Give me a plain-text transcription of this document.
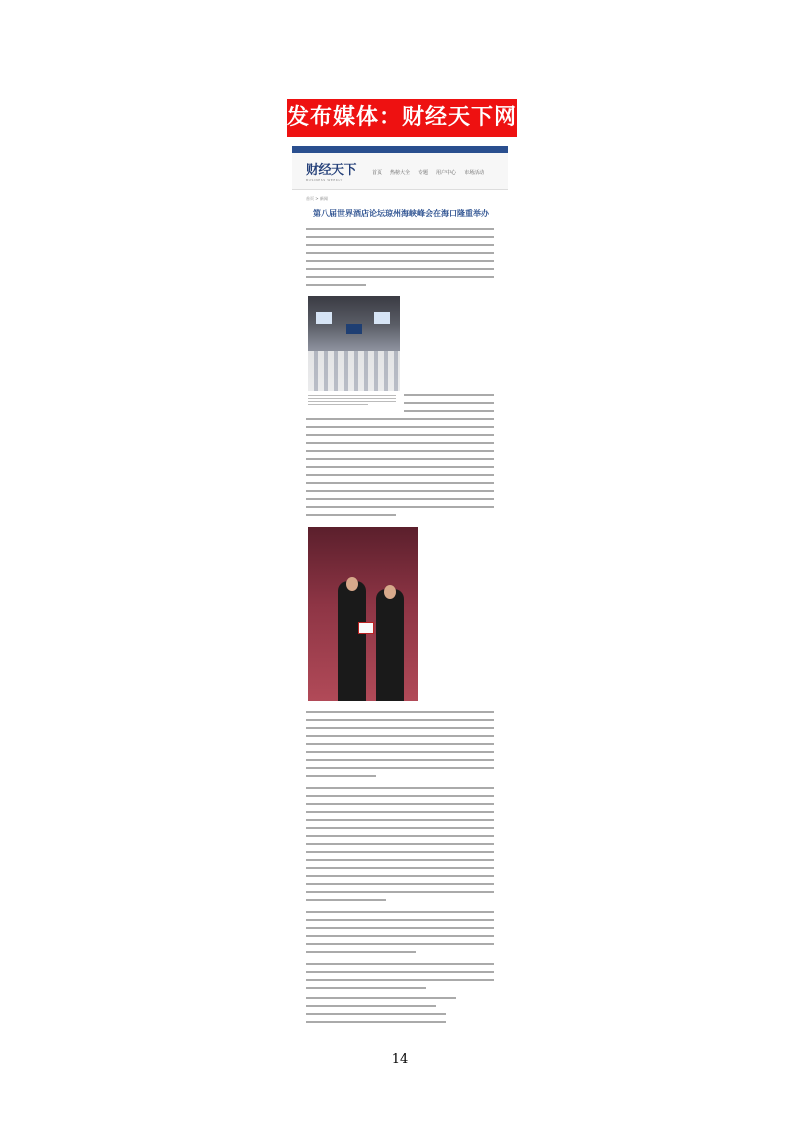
发布媒体：财经天下网
财经天下
BUSINESS WEEKLY
首页 热榜大全 专题 用户中心 市场活动
首页 > 新闻
第八届世界酒店论坛琼州海峡峰会在海口隆重举办
14
